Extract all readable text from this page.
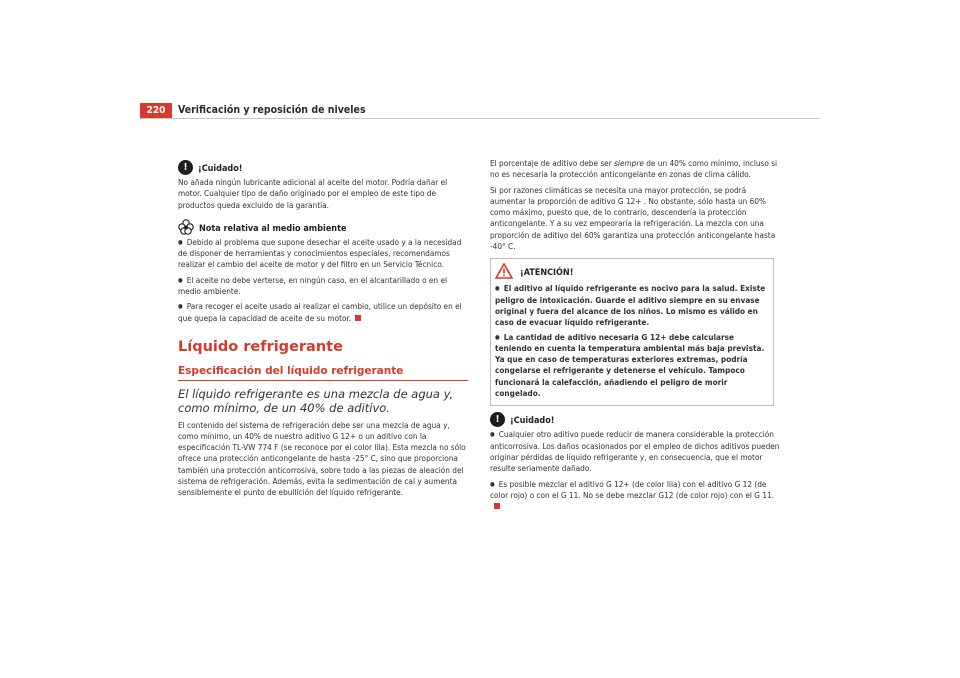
220	Verificación y reposición de niveles
!	¡Cuidado!

No añada ningún lubricante adicional al aceite del motor. Podría dañar el motor. Cualquier tipo de daño originado por el empleo de este tipo de productos queda excluido de la garantía.

Nota relativa al medio ambiente

● Debido al problema que supone desechar el aceite usado y a la necesidad de disponer de herramientas y conocimientos especiales, recomendamos realizar el cambio del aceite de motor y del filtro en un Servicio Técnico.

● El aceite no debe verterse, en ningún caso, en el alcantarillado o en el medio ambiente.

● Para recoger el aceite usado al realizar el cambio, utilice un depósito en el que quepa la capacidad de aceite de su motor.

Líquido refrigerante
Especificación del líquido refrigerante

El líquido refrigerante es una mezcla de agua y, como mínimo, de un 40% de aditivo.

El contenido del sistema de refrigeración debe ser una mezcla de agua y, como mínimo, un 40% de nuestro aditivo G 12+ o un aditivo con la especificación TL-VW 774 F (se reconoce por el color lila). Esta mezcla no sólo ofrece una protección anticongelante de hasta -25° C, sino que proporciona también una protección anticorrosiva, sobre todo a las piezas de aleación del sistema de refrigeración. Además, evita la sedimentación de cal y aumenta sensiblemente el punto de ebullición del líquido refrigerante.

El porcentaje de aditivo debe ser siempre de un 40% como mínimo, incluso si no es necesaria la protección anticongelante en zonas de clima cálido.

Si por razones climáticas se necesita una mayor protección, se podrá aumentar la proporción de aditivo G 12+ . No obstante, sólo hasta un 60% como máximo, puesto que, de lo contrario, descendería la protección anticongelante. Y a su vez empeoraría la refrigeración. La mezcla con una proporción de aditivo del 60% garantiza una protección anticongelante hasta -40° C.

¡ATENCIÓN!

● El aditivo al líquido refrigerante es nocivo para la salud. Existe peligro de intoxicación. Guarde el aditivo siempre en su envase original y fuera del alcance de los niños. Lo mismo es válido en caso de evacuar líquido refrigerante.

● La cantidad de aditivo necesaria G 12+ debe calcularse teniendo en cuenta la temperatura ambiental más baja prevista. Ya que en caso de temperaturas exteriores extremas, podría congelarse el refrigerante y detenerse el vehículo. Tampoco funcionará la calefacción, añadiendo el peligro de morir congelado.

!	¡Cuidado!

● Cualquier otro aditivo puede reducir de manera considerable la protección anticorrosiva. Los daños ocasionados por el empleo de dichos aditivos pueden originar pérdidas de líquido refrigerante y, en consecuencia, que el motor resulte seriamente dañado.

● Es posible mezclar el aditivo G 12+ (de color lila) con el aditivo G 12 (de color rojo) o con el G 11. No se debe mezclar G12 (de color rojo) con el G 11.
